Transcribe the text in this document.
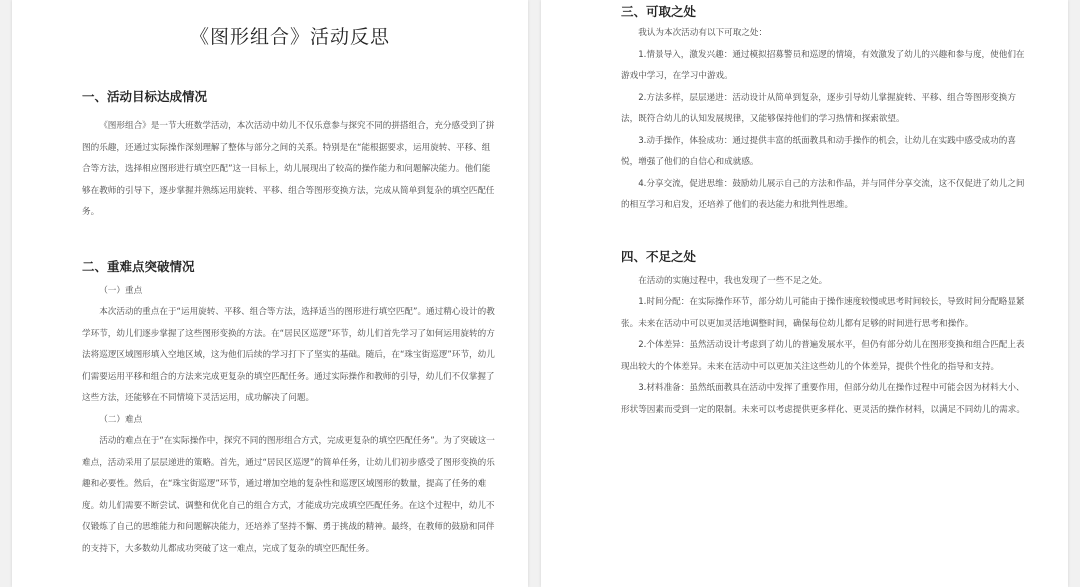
《图形组合》活动反思
一、活动目标达成情况

《图形组合》是一节大班数学活动，本次活动中幼儿不仅乐意参与探究不同的拼搭组合，充分感受到了拼图的乐趣，还通过实际操作深刻理解了整体与部分之间的关系。特别是在“能根据要求，运用旋转、平移、组合等方法，选择相应图形进行填空匹配”这一目标上，幼儿展现出了较高的操作能力和问题解决能力。他们能够在教师的引导下，逐步掌握并熟练运用旋转、平移、组合等图形变换方法，完成从简单到复杂的填空匹配任务。

二、重难点突破情况

（一）重点

本次活动的重点在于“运用旋转、平移、组合等方法，选择适当的图形进行填空匹配”。通过精心设计的教学环节，幼儿们逐步掌握了这些图形变换的方法。在“居民区巡逻”环节，幼儿们首先学习了如何运用旋转的方法将巡逻区域图形填入空地区域，这为他们后续的学习打下了坚实的基础。随后，在“珠宝街巡逻”环节，幼儿们需要运用平移和组合的方法来完成更复杂的填空匹配任务。通过实际操作和教师的引导，幼儿们不仅掌握了这些方法，还能够在不同情境下灵活运用，成功解决了问题。

（二）难点

活动的难点在于“在实际操作中，探究不同的图形组合方式，完成更复杂的填空匹配任务”。为了突破这一难点，活动采用了层层递进的策略。首先，通过“居民区巡逻”的简单任务，让幼儿们初步感受了图形变换的乐趣和必要性。然后，在“珠宝街巡逻”环节，通过增加空地的复杂性和巡逻区域图形的数量，提高了任务的难度。幼儿们需要不断尝试、调整和优化自己的组合方式，才能成功完成填空匹配任务。在这个过程中，幼儿不仅锻炼了自己的思维能力和问题解决能力，还培养了坚持不懈、勇于挑战的精神。最终，在教师的鼓励和同伴的支持下，大多数幼儿都成功突破了这一难点，完成了复杂的填空匹配任务。

三、可取之处

我认为本次活动有以下可取之处：

1.情景导入，激发兴趣：通过模拟招募警员和巡逻的情境，有效激发了幼儿的兴趣和参与度，使他们在游戏中学习，在学习中游戏。

2.方法多样，层层递进：活动设计从简单到复杂，逐步引导幼儿掌握旋转、平移、组合等图形变换方法，既符合幼儿的认知发展规律，又能够保持他们的学习热情和探索欲望。

3.动手操作，体验成功：通过提供丰富的纸面教具和动手操作的机会，让幼儿在实践中感受成功的喜悦，增强了他们的自信心和成就感。

4.分享交流，促进思维：鼓励幼儿展示自己的方法和作品，并与同伴分享交流，这不仅促进了幼儿之间的相互学习和启发，还培养了他们的表达能力和批判性思维。

四、不足之处

在活动的实施过程中，我也发现了一些不足之处。

1.时间分配：在实际操作环节，部分幼儿可能由于操作速度较慢或思考时间较长，导致时间分配略显紧张。未来在活动中可以更加灵活地调整时间，确保每位幼儿都有足够的时间进行思考和操作。

2.个体差异：虽然活动设计考虑到了幼儿的普遍发展水平，但仍有部分幼儿在图形变换和组合匹配上表现出较大的个体差异。未来在活动中可以更加关注这些幼儿的个体差异，提供个性化的指导和支持。

3.材料准备：虽然纸面教具在活动中发挥了重要作用，但部分幼儿在操作过程中可能会因为材料大小、形状等因素而受到一定的限制。未来可以考虑提供更多样化、更灵活的操作材料，以满足不同幼儿的需求。
